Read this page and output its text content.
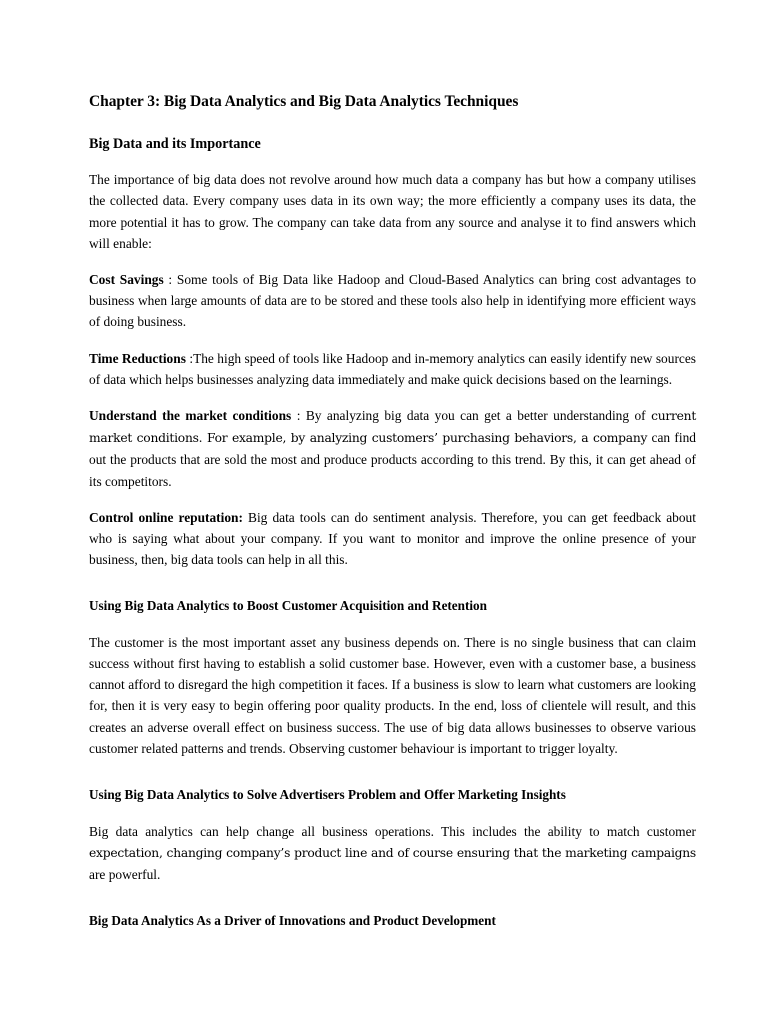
Chapter 3: Big Data Analytics and Big Data Analytics Techniques
Big Data and its Importance

The importance of big data does not revolve around how much data a company has but how a company utilises the collected data. Every company uses data in its own way; the more efficiently a company uses its data, the more potential it has to grow. The company can take data from any source and analyse it to find answers which will enable:

Cost Savings : Some tools of Big Data like Hadoop and Cloud-Based Analytics can bring cost advantages to business when large amounts of data are to be stored and these tools also help in identifying more efficient ways of doing business.

Time Reductions :The high speed of tools like Hadoop and in-memory analytics can easily identify new sources of data which helps businesses analyzing data immediately and make quick decisions based on the learnings.

Understand the market conditions : By analyzing big data you can get a better understanding of current market conditions. For example, by analyzing customers’ purchasing behaviors, a company can find out the products that are sold the most and produce products according to this trend. By this, it can get ahead of its competitors.

Control online reputation: Big data tools can do sentiment analysis. Therefore, you can get feedback about who is saying what about your company. If you want to monitor and improve the online presence of your business, then, big data tools can help in all this.

Using Big Data Analytics to Boost Customer Acquisition and Retention

The customer is the most important asset any business depends on. There is no single business that can claim success without first having to establish a solid customer base. However, even with a customer base, a business cannot afford to disregard the high competition it faces. If a business is slow to learn what customers are looking for, then it is very easy to begin offering poor quality products. In the end, loss of clientele will result, and this creates an adverse overall effect on business success. The use of big data allows businesses to observe various customer related patterns and trends. Observing customer behaviour is important to trigger loyalty.

Using Big Data Analytics to Solve Advertisers Problem and Offer Marketing Insights

Big data analytics can help change all business operations. This includes the ability to match customer expectation, changing company’s product line and of course ensuring that the marketing campaigns are powerful.

Big Data Analytics As a Driver of Innovations and Product Development
